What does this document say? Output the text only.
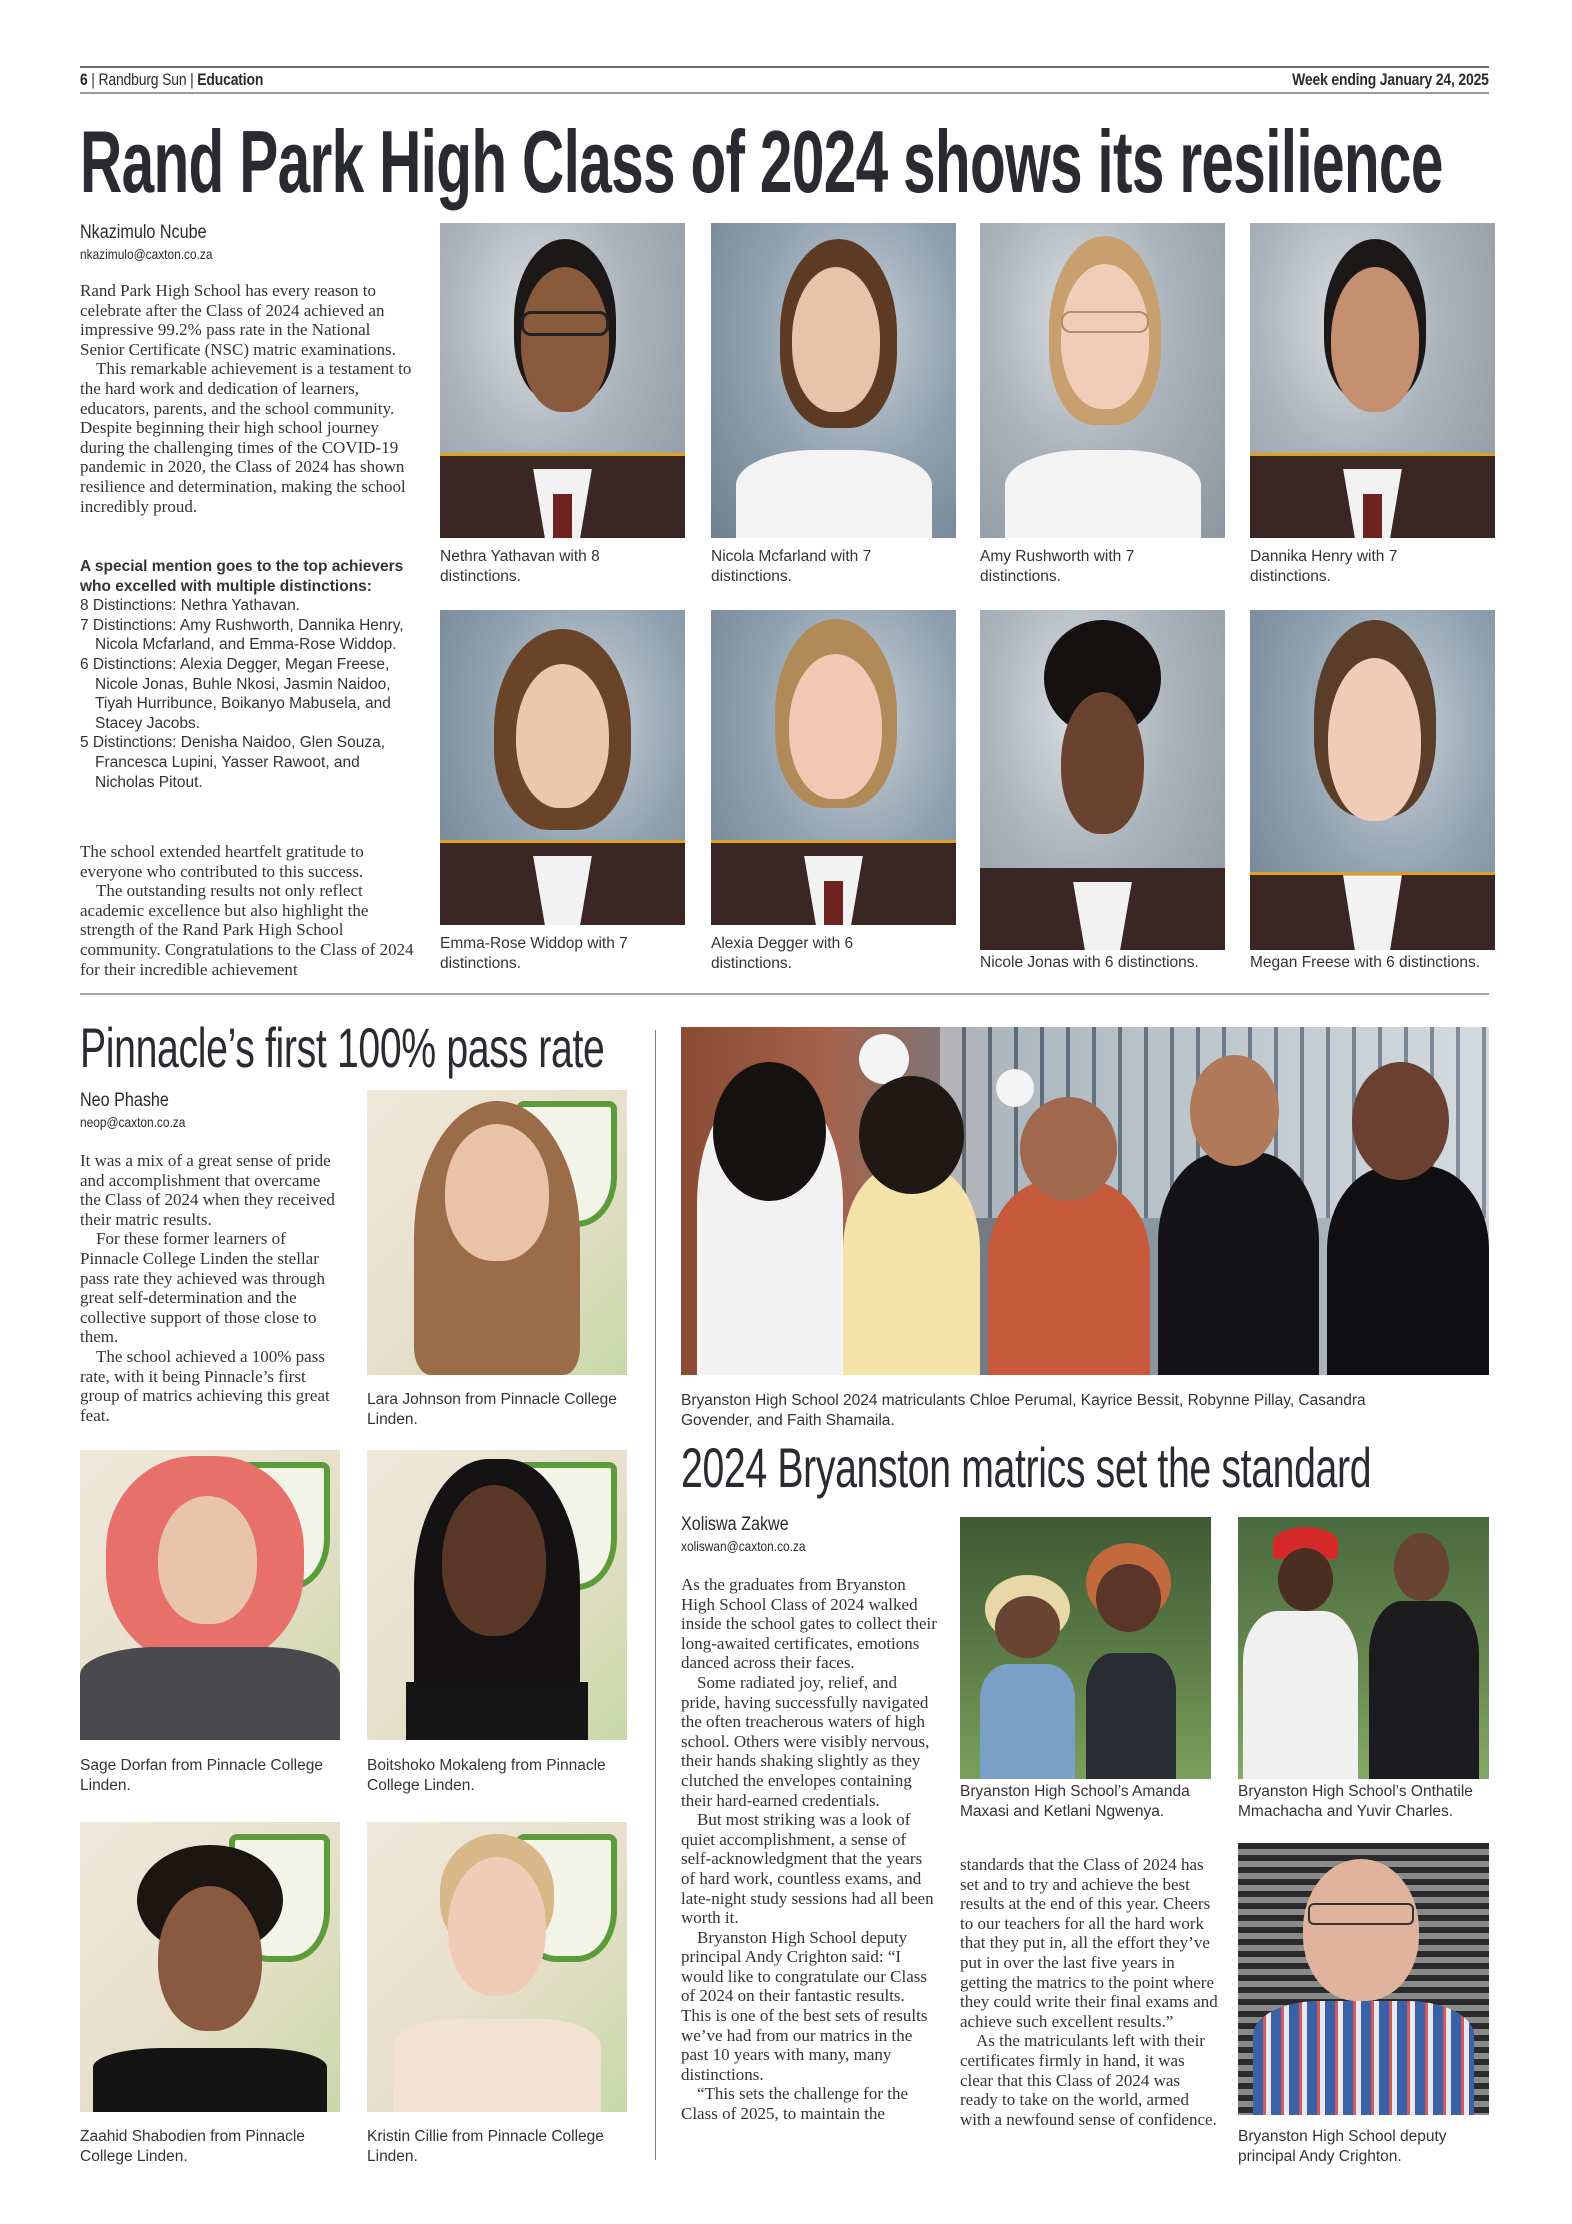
6 | Randburg Sun | Education	Week ending January 24, 2025
Rand Park High Class of 2024 shows its resilience
Nkazimulo Ncube
nkazimulo@caxton.co.za

Rand Park High School has every reason to celebrate after the Class of 2024 achieved an impressive 99.2% pass rate in the National Senior Certificate (NSC) matric examinations.

This remarkable achievement is a testament to the hard work and dedication of learners, educators, parents, and the school community. Despite beginning their high school journey during the challenging times of the COVID-19 pandemic in 2020, the Class of 2024 has shown resilience and determination, making the school incredibly proud.

A special mention goes to the top achievers who excelled with multiple distinctions:
8 Distinctions: Nethra Yathavan.
7 Distinctions: Amy Rushworth, Dannika Henry, Nicola Mcfarland, and Emma-Rose Widdop.
6 Distinctions: Alexia Degger, Megan Freese, Nicole Jonas, Buhle Nkosi, Jasmin Naidoo, Tiyah Hurribunce, Boikanyo Mabusela, and Stacey Jacobs.
5 Distinctions: Denisha Naidoo, Glen Souza, Francesca Lupini, Yasser Rawoot, and Nicholas Pitout.

The school extended heartfelt gratitude to everyone who contributed to this success.

The outstanding results not only reflect academic excellence but also highlight the strength of the Rand Park High School community. Congratulations to the Class of 2024 for their incredible achievement

Nethra Yathavan with 8 distinctions.
Nicola Mcfarland with 7 distinctions.
Amy Rushworth with 7 distinctions.
Dannika Henry with 7 distinctions.
Emma-Rose Widdop with 7 distinctions.
Alexia Degger with 6 distinctions.	Nicole Jonas with 6 distinctions.	Megan Freese with 6 distinctions.
Pinnacle’s first 100% pass rate
Neo Phashe
neop@caxton.co.za

It was a mix of a great sense of pride and accomplishment that overcame the Class of 2024 when they received their matric results.

For these former learners of Pinnacle College Linden the stellar pass rate they achieved was through great self-determination and the collective support of those close to them.

The school achieved a 100% pass rate, with it being Pinnacle’s first group of matrics achieving this great feat.

Lara Johnson from Pinnacle College Linden.
Sage Dorfan from Pinnacle College Linden.
Boitshoko Mokaleng from Pinnacle College Linden.
Zaahid Shabodien from Pinnacle College Linden.
Kristin Cillie from Pinnacle College Linden.
Bryanston High School 2024 matriculants Chloe Perumal, Kayrice Bessit, Robynne Pillay, Casandra Govender, and Faith Shamaila.
2024 Bryanston matrics set the standard
Xoliswa Zakwe
xoliswan@caxton.co.za

As the graduates from Bryanston High School Class of 2024 walked inside the school gates to collect their long-awaited certificates, emotions danced across their faces.

Some radiated joy, relief, and pride, having successfully navigated the often treacherous waters of high school. Others were visibly nervous, their hands shaking slightly as they clutched the envelopes containing their hard-earned credentials.

But most striking was a look of quiet accomplishment, a sense of self-acknowledgment that the years of hard work, countless exams, and late-night study sessions had all been worth it.

Bryanston High School deputy principal Andy Crighton said: “I would like to congratulate our Class of 2024 on their fantastic results. This is one of the best sets of results we’ve had from our matrics in the past 10 years with many, many distinctions.

“This sets the challenge for the Class of 2025, to maintain the

Bryanston High School’s Amanda Maxasi and Ketlani Ngwenya.
Bryanston High School’s Onthatile Mmachacha and Yuvir Charles.

standards that the Class of 2024 has set and to try and achieve the best results at the end of this year. Cheers to our teachers for all the hard work that they put in, all the effort they’ve put in over the last five years in getting the matrics to the point where they could write their final exams and achieve such excellent results.”

As the matriculants left with their certificates firmly in hand, it was clear that this Class of 2024 was ready to take on the world, armed with a newfound sense of confidence.

Bryanston High School deputy principal Andy Crighton.
